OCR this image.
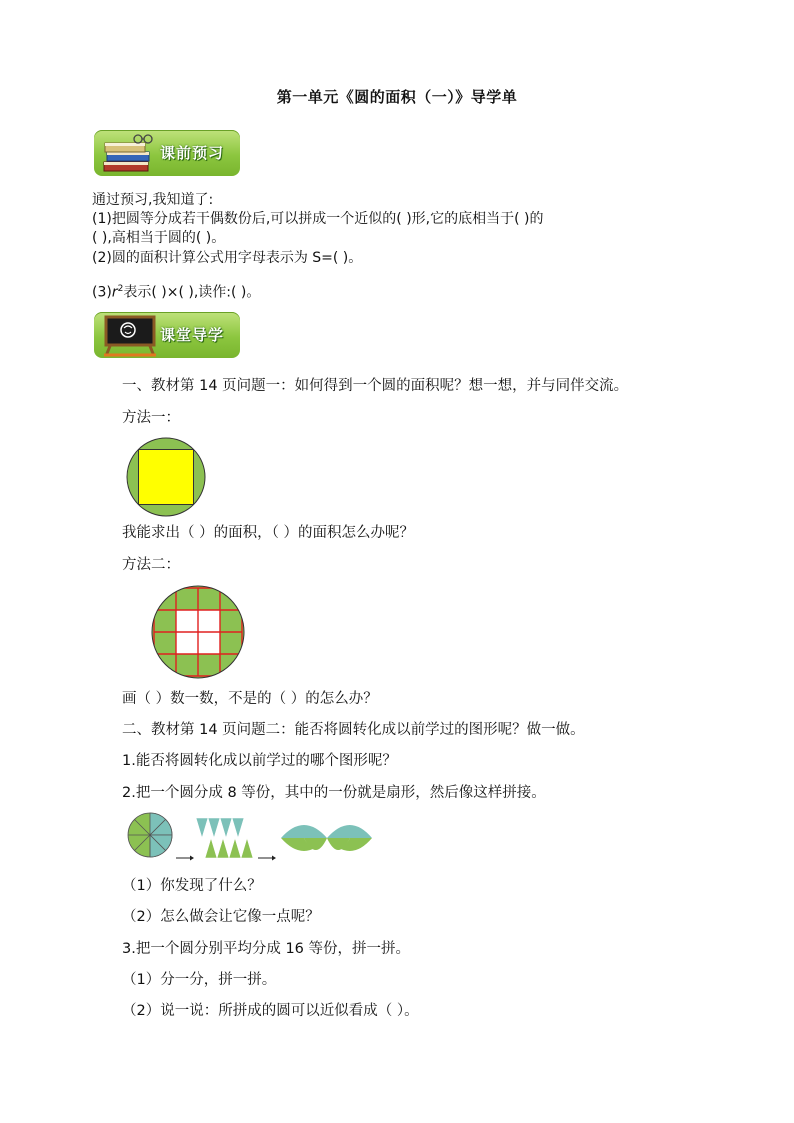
第一单元《圆的面积（一）》导学单
课前预习
通过预习,我知道了:
(1)把圆等分成若干偶数份后,可以拼成一个近似的( )形,它的底相当于( )的
( ),高相当于圆的( )。
(2)圆的面积计算公式用字母表示为 S=( )。
$(3)r^2$表示( )×( ),读作:( )。
课堂导学
一、教材第 14 页问题一：如何得到一个圆的面积呢？想一想，并与同伴交流。
方法一：
我能求出（ ）的面积，（ ）的面积怎么办呢？
方法二：
画（ ）数一数，不是的（ ）的怎么办？
二、教材第 14 页问题二：能否将圆转化成以前学过的图形呢？做一做。
1.能否将圆转化成以前学过的哪个图形呢？
2.把一个圆分成 8 等份，其中的一份就是扇形，然后像这样拼接。
（1）你发现了什么？
（2）怎么做会让它像一点呢？
3.把一个圆分别平均分成 16 等份，拼一拼。
（1）分一分，拼一拼。
（2）说一说：所拼成的圆可以近似看成（ ）。
